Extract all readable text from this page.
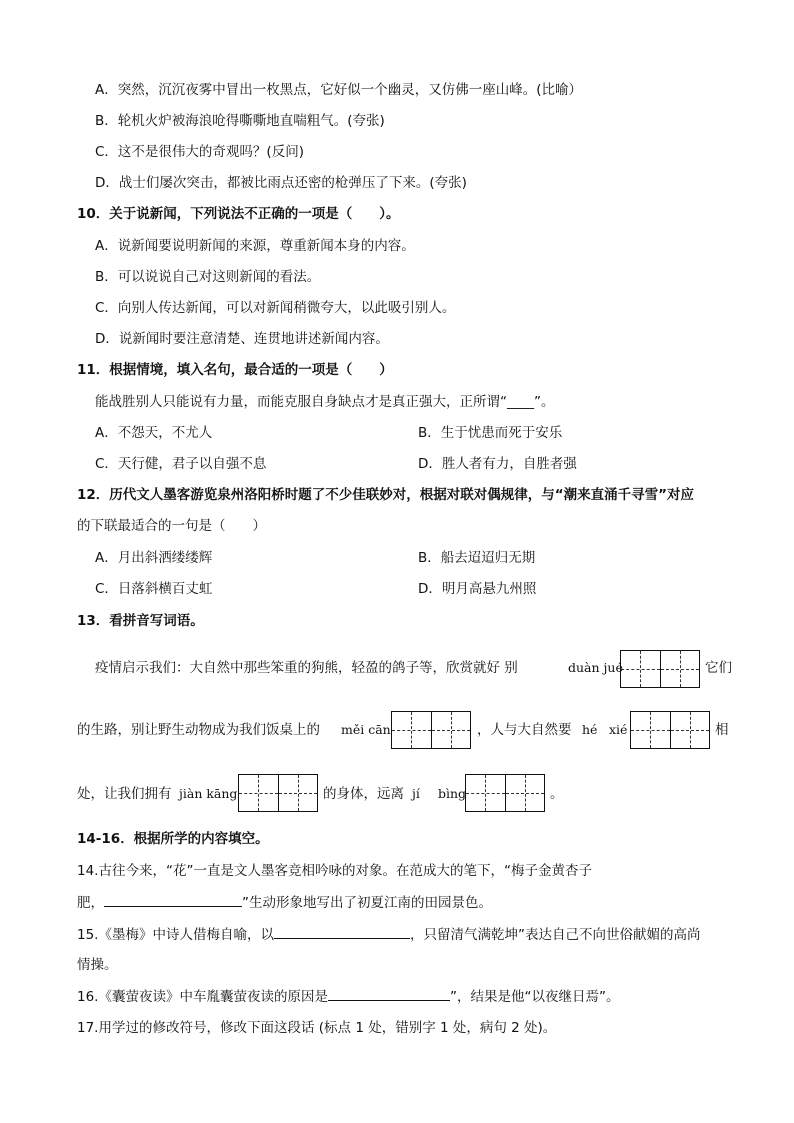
A．突然，沉沉夜雾中冒出一枚黑点，它好似一个幽灵，又仿佛一座山峰。(比喻）
B．轮机火炉被海浪呛得嘶嘶地直喘粗气。(夸张)
C．这不是很伟大的奇观吗？(反问)
D．战士们屡次突击，都被比雨点还密的枪弹压了下来。(夸张)
10．关于说新闻，下列说法不正确的一项是（　　）。
A．说新闻要说明新闻的来源，尊重新闻本身的内容。
B．可以说说自己对这则新闻的看法。
C．向别人传达新闻，可以对新闻稍微夸大，以此吸引别人。
D．说新闻时要注意清楚、连贯地讲述新闻内容。
11．根据情境，填入名句，最合适的一项是（　　）
能战胜别人只能说有力量，而能克服自身缺点才是真正强大，正所谓“____”。
A．不怨天，不尤人	B．生于忧患而死于安乐
C．天行健，君子以自强不息	D．胜人者有力，自胜者强
12．历代文人墨客游览泉州洛阳桥时题了不少佳联妙对，根据对联对偶规律，与“潮来直涌千寻雪”对应
的下联最适合的一句是（　　）
A．月出斜洒缕缕辉	B．船去迢迢归无期
C．日落斜横百丈虹	D．明月高悬九州照
13．看拼音写词语。
疫情启示我们：大自然中那些笨重的狗熊，轻盈的鸽子等，欣赏就好 别	duàn jué	它们
的生路，别让野生动物成为我们饭桌上的 měi cān	，人与大自然要 hé xié	相
处，让我们拥有 jiàn kāng	的身体，远离 jí bìng	。
14-16．根据所学的内容填空。
14.古往今来，“花”一直是文人墨客竞相吟咏的对象。在范成大的笔下，“梅子金黄杏子
肥，	”生动形象地写出了初夏江南的田园景色。
15.《墨梅》中诗人借梅自喻，以	，只留清气满乾坤”表达自己不向世俗献媚的高尚
情操。
16.《囊萤夜读》中车胤囊萤夜读的原因是	”，结果是他“以夜继日焉”。
17.用学过的修改符号，修改下面这段话 (标点 1 处，错别字 1 处，病句 2 处)。
